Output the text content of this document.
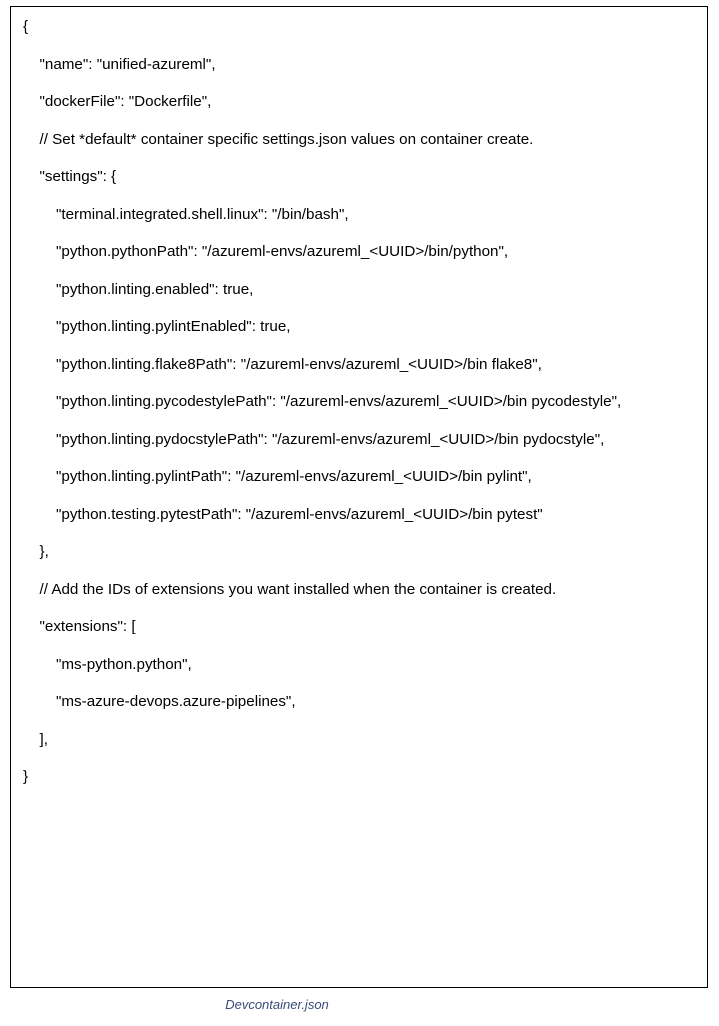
{
"name": "unified-azureml",
"dockerFile": "Dockerfile",
// Set *default* container specific settings.json values on container create.
"settings": {
"terminal.integrated.shell.linux": "/bin/bash",
"python.pythonPath": "/azureml-envs/azureml_<UUID>/bin/python",
"python.linting.enabled": true,
"python.linting.pylintEnabled": true,
"python.linting.flake8Path": "/azureml-envs/azureml_<UUID>/bin flake8",
"python.linting.pycodestylePath": "/azureml-envs/azureml_<UUID>/bin pycodestyle",
"python.linting.pydocstylePath": "/azureml-envs/azureml_<UUID>/bin pydocstyle",
"python.linting.pylintPath": "/azureml-envs/azureml_<UUID>/bin pylint",
"python.testing.pytestPath": "/azureml-envs/azureml_<UUID>/bin pytest"
},
// Add the IDs of extensions you want installed when the container is created.
"extensions": [
"ms-python.python",
"ms-azure-devops.azure-pipelines",
],
}
Devcontainer.json
